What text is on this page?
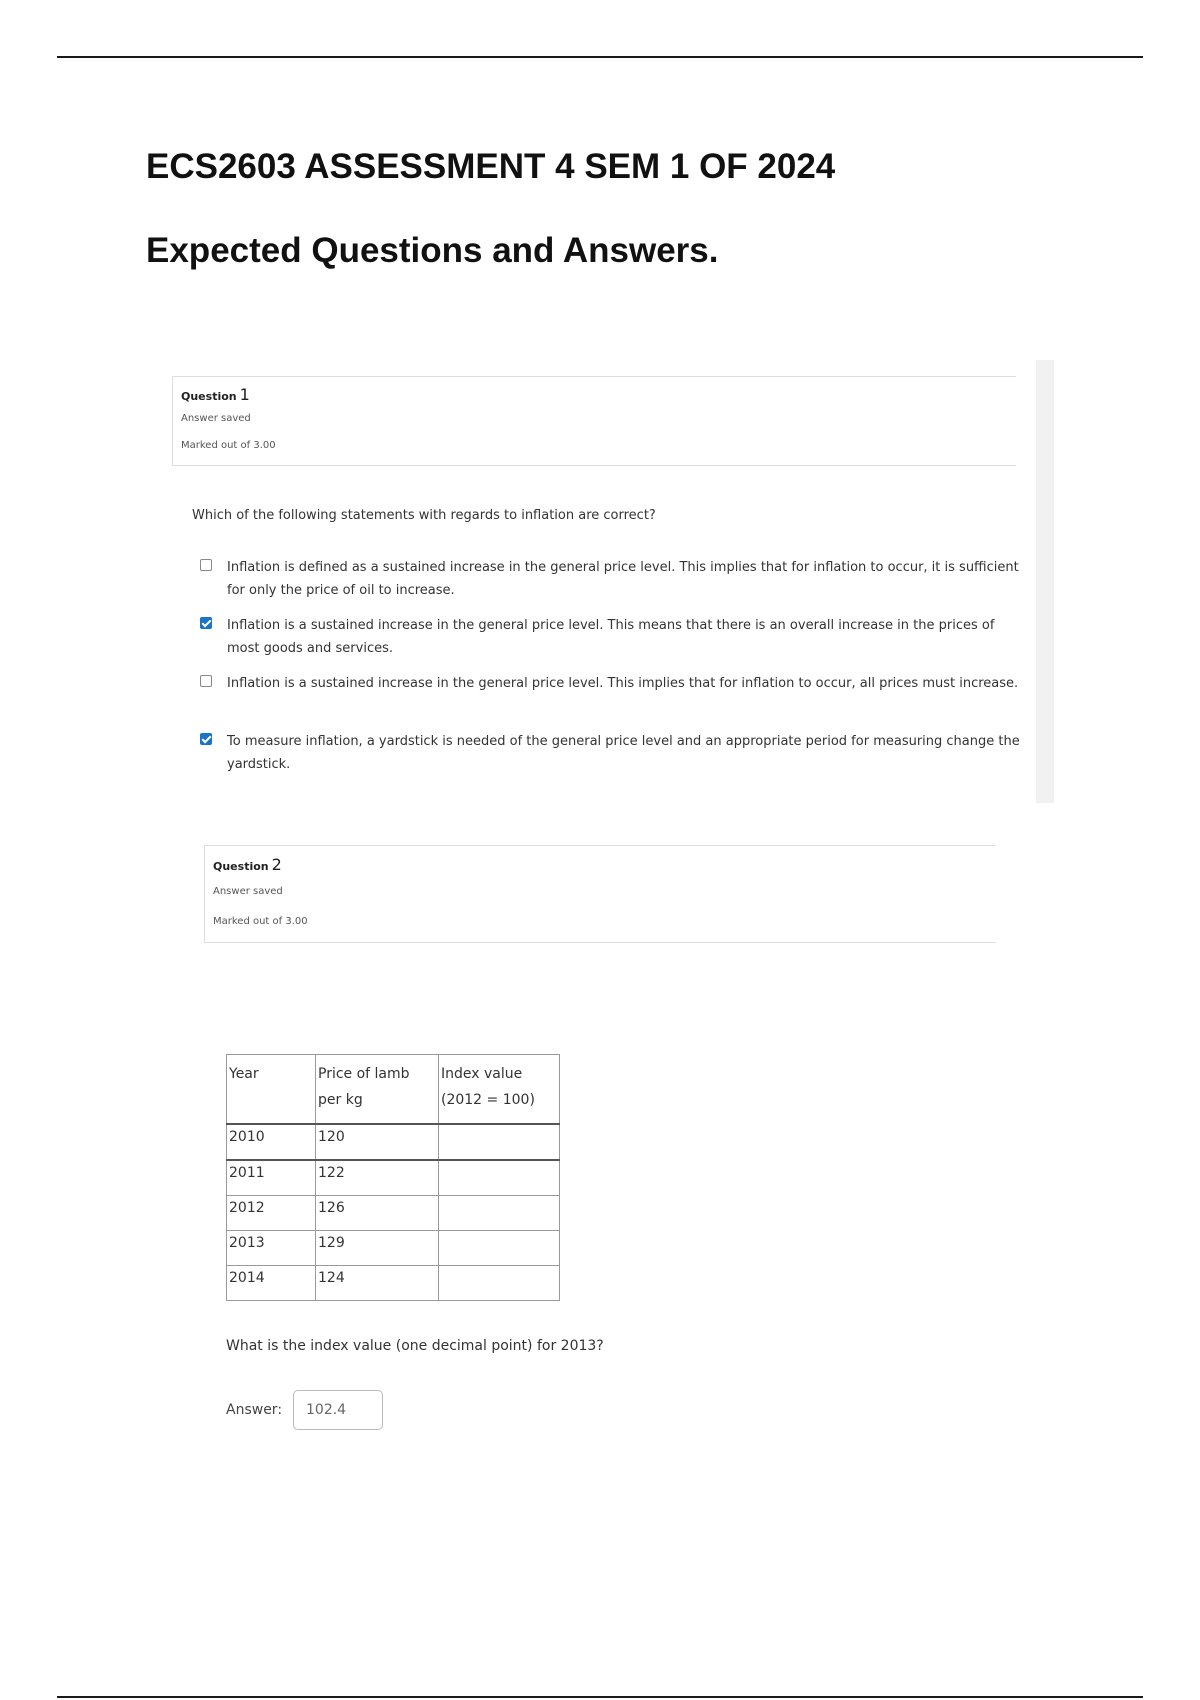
ECS2603 ASSESSMENT 4 SEM 1 OF 2024
Expected Questions and Answers.
Question 1
Answer saved
Marked out of 3.00
Which of the following statements with regards to inflation are correct?
Inflation is defined as a sustained increase in the general price level. This implies that for inflation to occur, it is sufficient for only the price of oil to increase.
Inflation is a sustained increase in the general price level. This means that there is an overall increase in the prices of most goods and services.
Inflation is a sustained increase in the general price level. This implies that for inflation to occur, all prices must increase.
To measure inflation, a yardstick is needed of the general price level and an appropriate period for measuring change the yardstick.
Question 2
Answer saved
Marked out of 3.00
Year	Price of lamb per kg	Index value (2012 = 100)
2010	120	
2011	122	
2012	126	
2013	129	
2014	124	
What is the index value (one decimal point) for 2013?
Answer:	102.4
